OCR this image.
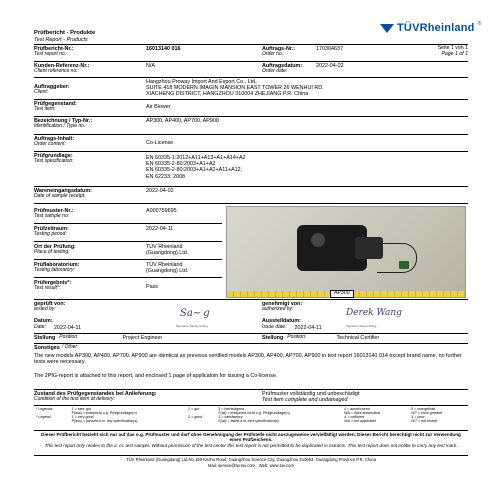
Prüfbericht - Produkte
Test Report - Products
TÜVRheinland ®
Prüfbericht-Nr.:
Test report no.:
16013140 016	Auftrags-Nr.:
Order no.:
170304637	Seite 1 von 1
Page 1 of 1
Kunden-Referenz-Nr.:
Client reference no.:
N/A	Auftragsdatum:
Order date:
2022-04-02
Auftraggeber:
Client:
Hangzhou Proway Import And Export Co., Ltd.
SUITE 418 MODERN IMAGIN MANSION EAST TOWER 26 WENHUI RD.
XIACHENG DISTRICT, HANGZHOU 310004 ZHEJIANG P.R. China
Prüfgegenstand:
Test item:	Air Blower
Bezeichnung / Typ-Nr.:
Identification / Type no.:
AP300, AP400, AP700, AP900
Auftrags-Inhalt:
Order content:	Co-License
Prüfgrundlage:
Test specification:
EN 60335-1:2012+A11+A13+A1+A14+A2
EN 60335-2-80:2003+A1+A2
EN 60335-2-80:2003+A1+A2+A11+A12,
EN 62233: 2008
Wareneingangsdatum:
Date of sample receipt:
2022-04-02
Prüfmuster-Nr.:
Test sample no:
A000759695
Prüfzeitraum:
Testing period:
2022-04-11
Ort der Prüfung:
Place of testing:
TÜV Rheinland
(Guangdong) Ltd.
Prüflaboratorium:
Testing laboratory:
TÜV Rheinland
(Guangdong) Ltd.
Prüfergebnis*:
Test result*:	Pass
AP300
geprüft von:
tested by:	Sa~g
Signature Sandy Huang
Datum:
Date: 2022-04-11
genehmigt von:
authorized by:	Derek Wang
Signature Derek Wang
Ausstelldatum:
Issue date: 2022-04-11
Stellung Position:	Project Engineer	Stellung Position:	Technical Certifier
Sonstiges / Other:
The new models AP300, AP400, AP700, AP900 are identical as previous certified models AP300, AP400, AP700, AP900 in test report 16013140 014 except brand name, no further tests were necessary.
The 2PfG-report is attached to this report, and enclosed 1 page of applicatoin for issuing a Co-license.
Zustand des Prüfgegenstandes bei Anlieferung:
Condition of the test item at delivery:
Prüfmuster vollständig und unbeschädigt
Test item complete and undamaged
* Legende:	1 = sehr gut	2 = gut	3 = befriedigend	4 = ausreichend	5 = mangelhaft
	P(ass) = entspricht o.g. Prüfgrundlage(n)		F(ail) = entspricht nicht o.g. Prüfgrundlage(n)	N/A = nicht anwendbar	N/T = nicht getestet
* Legend:	1 = very good	2 = good	3 = satisfactory	4 = sufficient	5 = poor
	P(ass) = passed a.m. test specification(s)		F(ail) = failed a.m. test specification(s)	N/A = not applicable	N/T = not tested
Dieser Prüfbericht bezieht sich nur auf das o.g. Prüfmuster und darf ohne Genehmigung der Prüfstelle nicht auszugsweise vervielfältigt werden. Dieser Bericht berechtigt nicht zur Verwendung eines Prüfzeichens.
This test report only relates to the a. m. test sample. Without permission of the test center this test report is not permitted to be duplicated in extracts. This test report does not entitle to carry any test mark.
TÜV Rheinland (Guangdong) Ltd.No.199 Kezhu Road, Guangzhou Science City, Guangzhou 510663, Guangdong Province P.R. China
Mail: service@tw.tuv.com · Web: www.tuv.com
